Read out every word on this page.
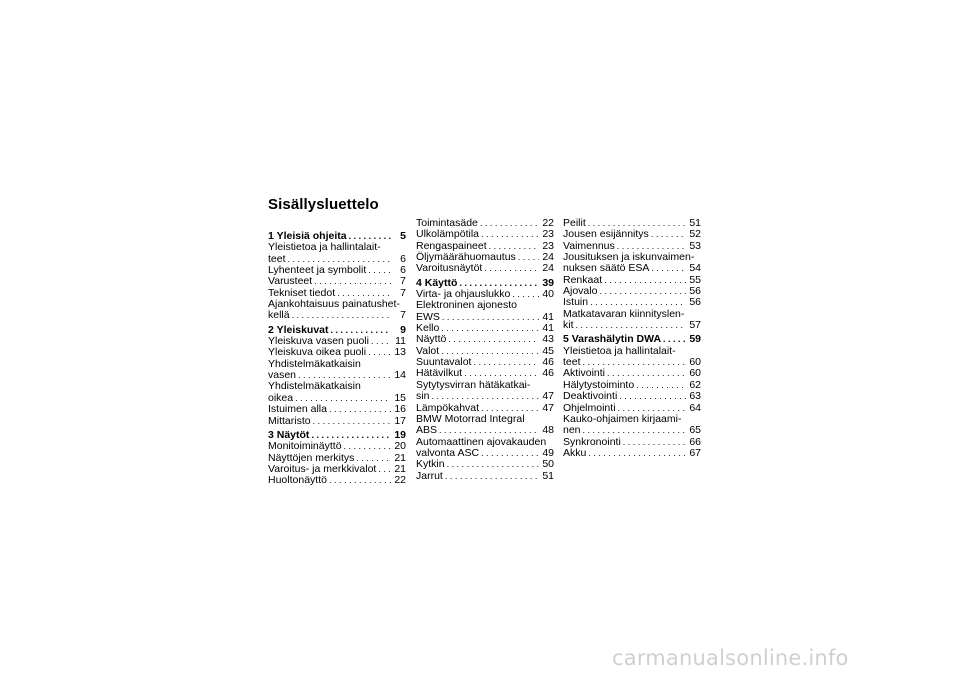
Sisällysluettelo
1 Yleisiä ohjeita . . .	5
Yleistietoa ja hallintalait-
teet . . .	6
Lyhenteet ja symbolit . . .	6
Varusteet . . .	7
Tekniset tiedot . . .	7
Ajankohtaisuus painatushet-
kellä . . .	7
2 Yleiskuvat . . .	9
Yleiskuva vasen puoli . . . 11
Yleiskuva oikea puoli . . .	13
Yhdistelmäkatkaisin
vasen . . .	14
Yhdistelmäkatkaisin
oikea . . .	15
Istuimen alla . . .	16
Mittaristo . . .	17
3 Näytöt . . .	19
Monitoiminäyttö . . .	20
Näyttöjen merkitys . . .	21
Varoitus- ja merkkivalot . . . 21
Huoltonäyttö . . .	22
Toimintasäde . . .	22
Ulkolämpötila . . .	23
Rengaspaineet . . .	23
Öljymäärähuomautus . . .	24
Varoitusnäytöt . . .	24
4 Käyttö . . .	39
Virta- ja ohjauslukko . . .	40
Elektroninen ajonesto
EWS . . .	41
Kello . . .	41
Näyttö . . .	43
Valot . . .	45
Suuntavalot . . .	46
Hätävilkut . . .	46
Sytytysvirran hätäkatkai-
sin . . .	47
Lämpökahvat . . .	47
BMW Motorrad Integral
ABS . . .	48
Automaattinen ajovakauden
valvonta ASC . . .	49
Kytkin . . .	50
Jarrut . . .	51
Peilit . . .	51
Jousen esijännitys . . .	52
Vaimennus . . .	53
Jousituksen ja iskunvaimen-
nuksen säätö ESA . . .	54
Renkaat . . .	55
Ajovalo . . .	56
Istuin . . .	56
Matkatavaran kiinnityslen-
kit . . .	57
5 Varashälytin DWA . . .	59
Yleistietoa ja hallintalait-
teet . . .	60
Aktivointi . . .	60
Hälytystoiminto . . .	62
Deaktivointi . . .	63
Ohjelmointi . . .	64
Kauko-ohjaimen kirjaami-
nen . . .	65
Synkronointi . . .	66
Akku . . .	67
carmanualsonline.info
